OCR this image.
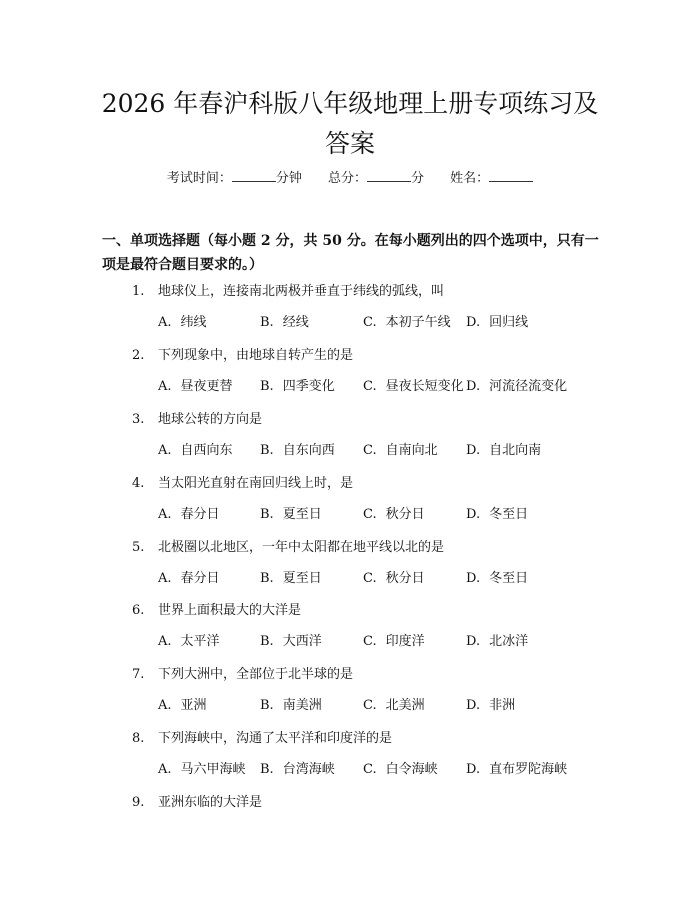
2026 年春沪科版八年级地理上册专项练习及
答案
考试时间：	分钟 总分：	分 姓名：
一、单项选择题（每小题 2 分，共 50 分。在每小题列出的四个选项中，只有一项是最符合题目要求的。）
1. 地球仪上，连接南北两极并垂直于纬线的弧线，叫
A. 纬线	B. 经线	C. 本初子午线 D. 回归线
2. 下列现象中，由地球自转产生的是
A. 昼夜更替 B. 四季变化 C. 昼夜长短变化 D. 河流径流变化
3. 地球公转的方向是
A. 自西向东 B. 自东向西 C. 自南向北 D. 自北向南
4. 当太阳光直射在南回归线上时，是
A. 春分日	B. 夏至日	C. 秋分日	D. 冬至日
5. 北极圈以北地区，一年中太阳都在地平线以北的是
A. 春分日	B. 夏至日	C. 秋分日	D. 冬至日
6. 世界上面积最大的大洋是
A. 太平洋	B. 大西洋	C. 印度洋	D. 北冰洋
7. 下列大洲中，全部位于北半球的是
A. 亚洲	B. 南美洲	C. 北美洲	D. 非洲
8. 下列海峡中，沟通了太平洋和印度洋的是
A. 马六甲海峡 B. 台湾海峡 C. 白令海峡 D. 直布罗陀海峡
9. 亚洲东临的大洋是
